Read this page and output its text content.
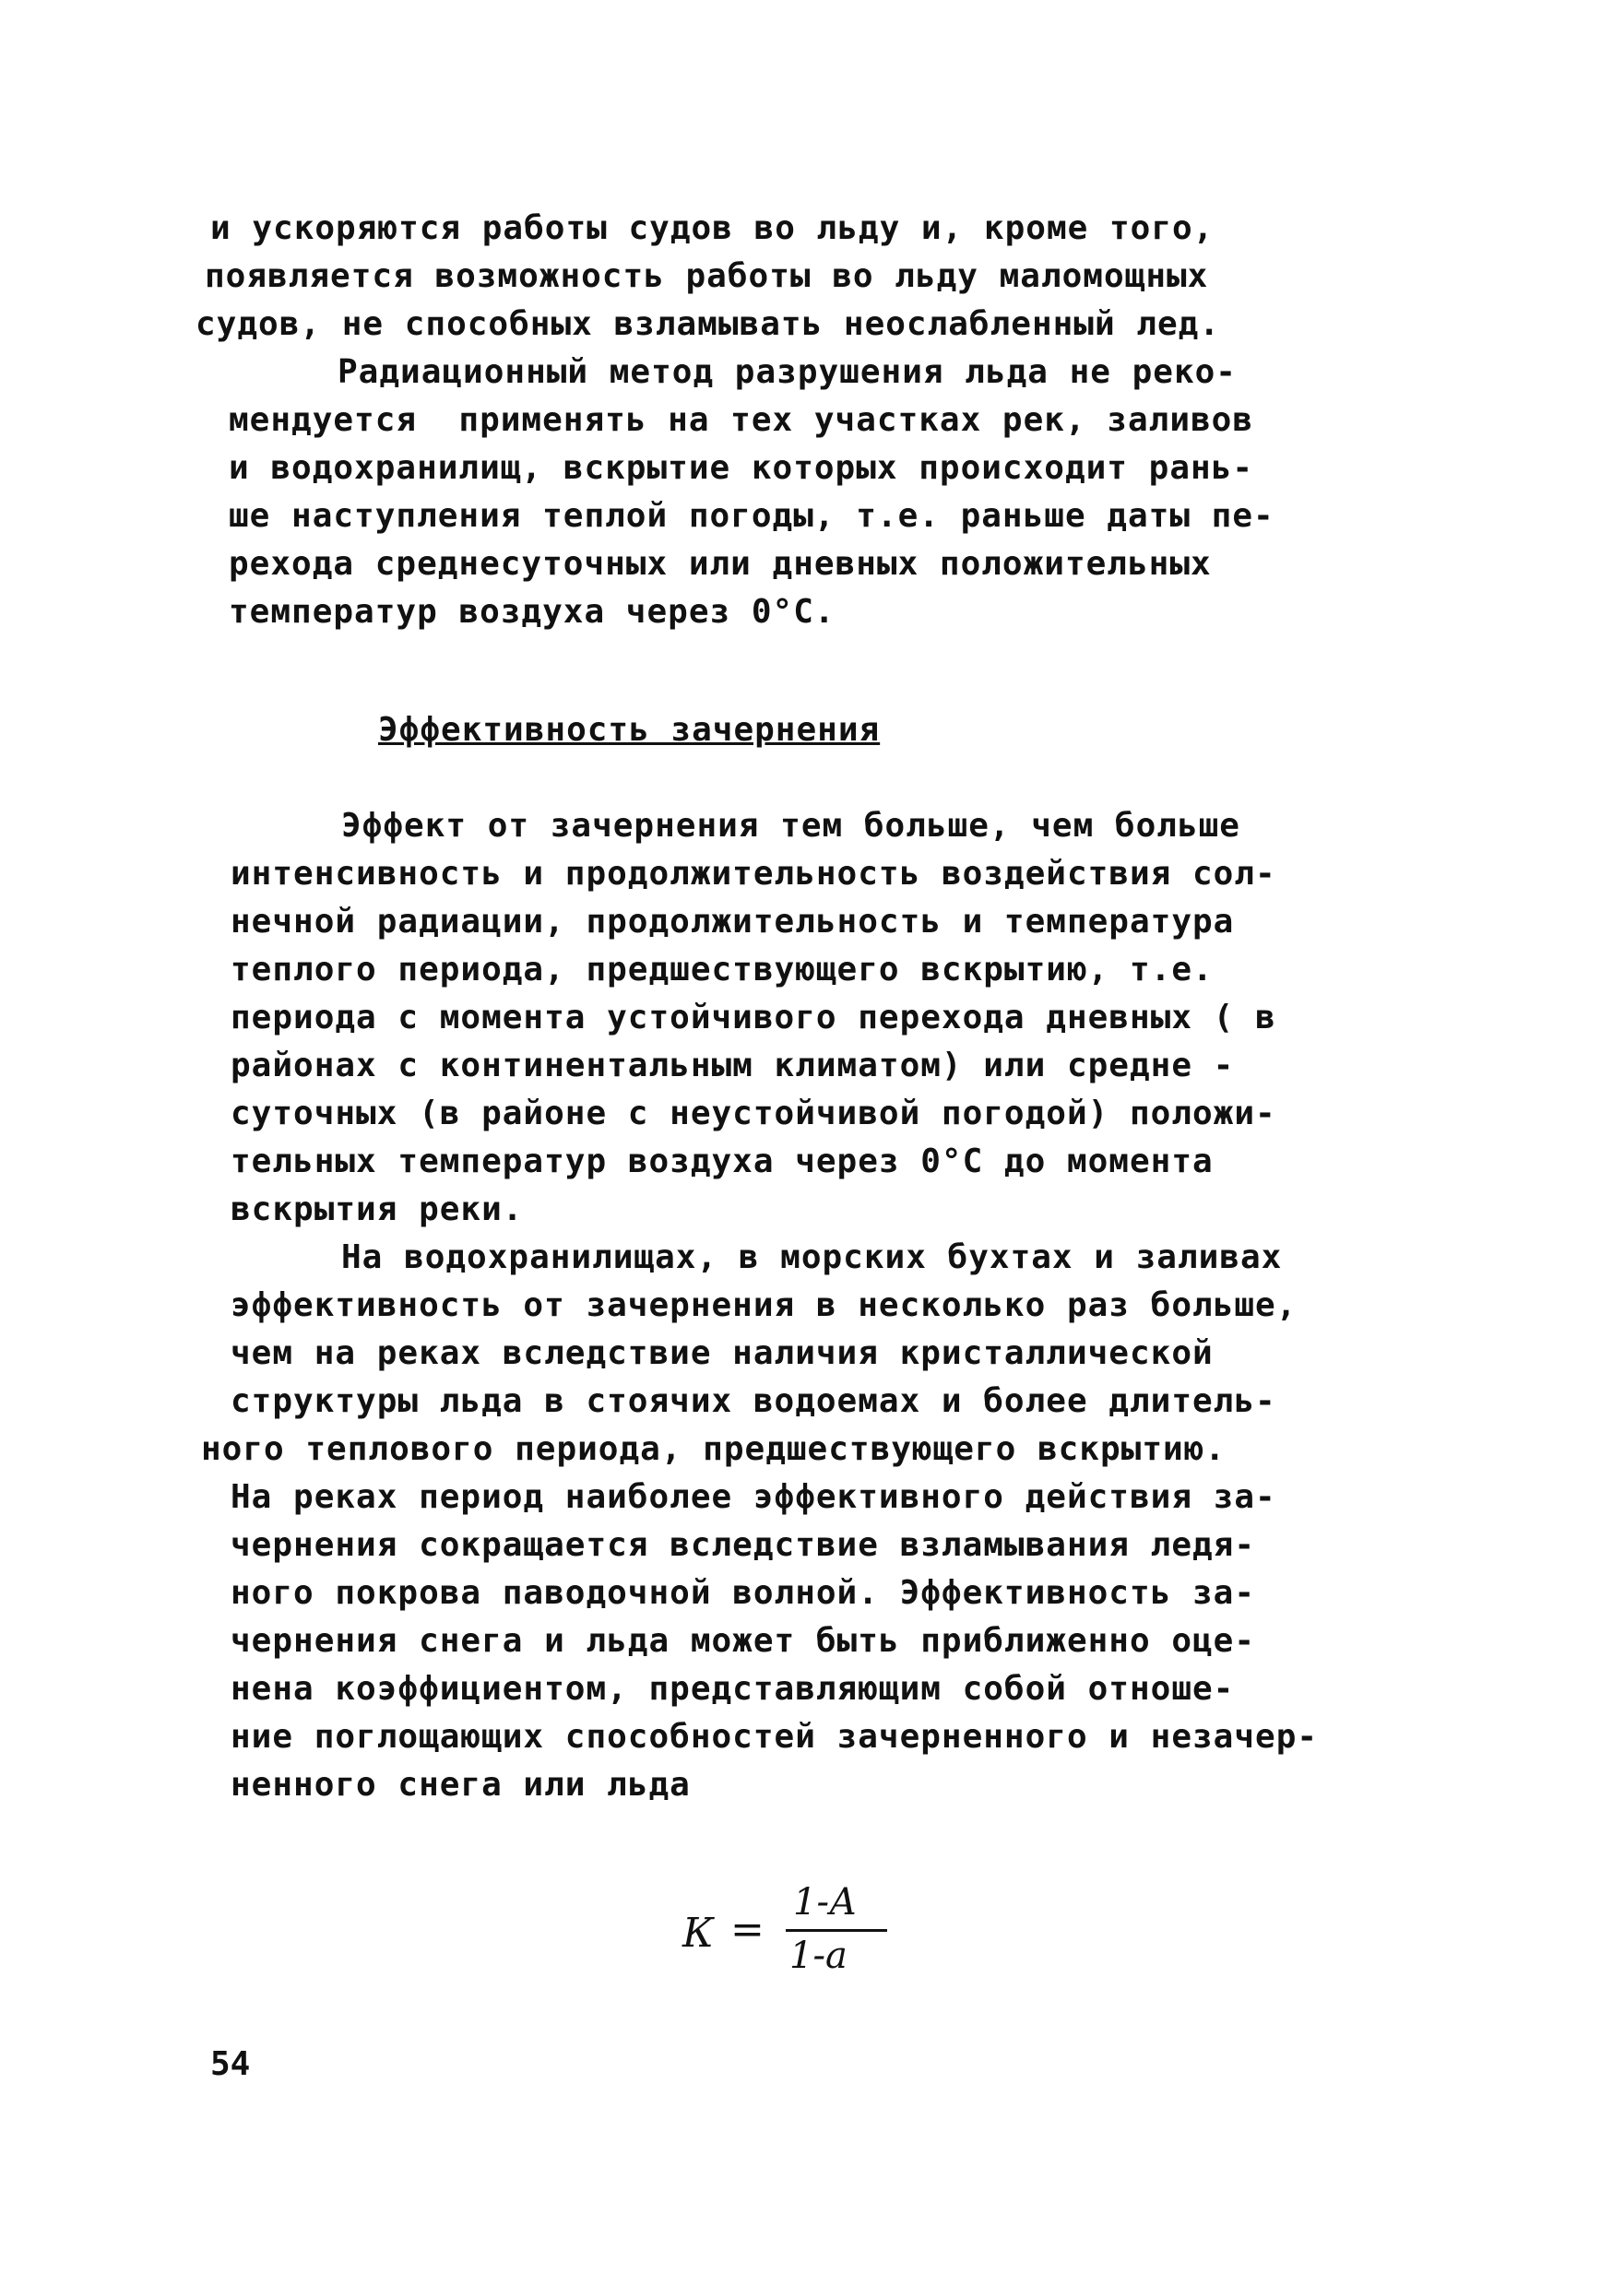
и ускоряются работы судов во льду и, кроме того,
появляется возможность работы во льду маломощных
судов, не способных взламывать неослабленный лед.
Радиационный метод разрушения льда не реко-
мендуется  применять на тех участках рек, заливов
и водохранилищ, вскрытие которых происходит рань-
ше наступления теплой погоды, т.е. раньше даты пе-
рехода среднесуточных или дневных положительных
температур воздуха через 0°C.
Эффективность зачернения
Эффект от зачернения тем больше, чем больше
интенсивность и продолжительность воздействия сол-
нечной радиации, продолжительность и температура
теплого периода, предшествующего вскрытию, т.е.
периода с момента устойчивого перехода дневных ( в
районах с континентальным климатом) или средне -
суточных (в районе с неустойчивой погодой) положи-
тельных температур воздуха через 0°C до момента
вскрытия реки.
На водохранилищах, в морских бухтах и заливах
эффективность от зачернения в несколько раз больше,
чем на реках вследствие наличия кристаллической
структуры льда в стоячих водоемах и более длитель-
ного теплового периода, предшествующего вскрытию.
На реках период наиболее эффективного действия за-
чернения сокращается вследствие взламывания ледя-
ного покрова паводочной волной. Эффективность за-
чернения снега и льда может быть приближенно оце-
нена коэффициентом, представляющим собой отноше-
ние поглощающих способностей зачерненного и незачер-
ненного снега или льда
К =
1-А
1-a
54
